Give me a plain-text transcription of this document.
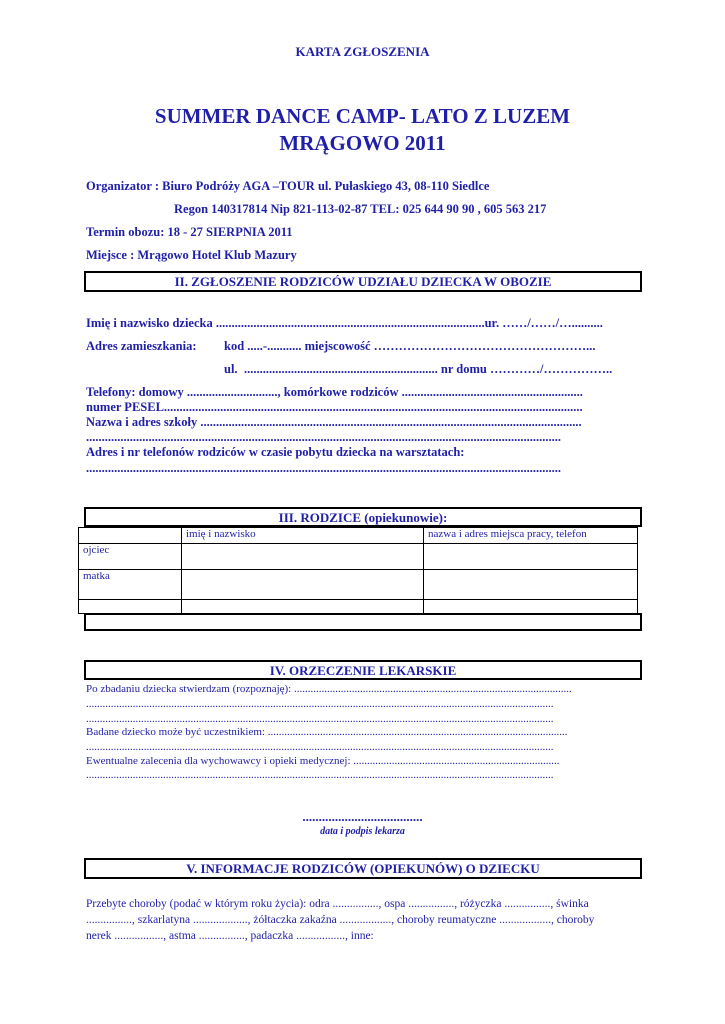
KARTA ZGŁOSZENIA
SUMMER DANCE CAMP- LATO Z LUZEM
MRĄGOWO 2011
Organizator : Biuro Podróży AGA –TOUR ul. Pułaskiego 43, 08-110 Siedlce
Regon 140317814 Nip 821-113-02-87 TEL: 025 644 90 90 , 605 563 217
Termin obozu: 18 - 27 SIERPNIA 2011
Miejsce : Mrągowo Hotel Klub Mazury
II. ZGŁOSZENIE RODZICÓW UDZIAŁU DZIECKA W OBOZIE
Imię i nazwisko dziecka ......................................................................................ur. ……/……/…..........
Adres zamieszkania: kod .....-........... miejscowość ……………………………………………...
ul. .............................................................. nr domu …………/……………..
Telefony: domowy ............................., komórkowe rodziców ..........................................................
numer PESEL......................................................................................................................................
Nazwa i adres szkoły ..........................................................................................................................
........................................................................................................................................................
Adres i nr telefonów rodziców w czasie pobytu dziecka na warsztatach:
........................................................................................................................................................
III. RODZICE (opiekunowie):
	imię i nazwisko	nazwa i adres miejsca pracy, telefon
ojciec		
matka		

IV. ORZECZENIE LEKARSKIE
Po zbadaniu dziecka stwierdzam (rozpoznaję): .....................................................................................................
..........................................................................................................................................................................
..........................................................................................................................................................................
Badane dziecko może być uczestnikiem: .............................................................................................................
..........................................................................................................................................................................
Ewentualne zalecenia dla wychowawcy i opieki medycznej: ...........................................................................
..........................................................................................................................................................................
.....................................
data i podpis lekarza
V. INFORMACJE RODZICÓW (OPIEKUNÓW) O DZIECKU
Przebyte choroby (podać w którym roku życia): odra ................, ospa ................, różyczka ................, świnka
................, szkarlatyna ..................., żółtaczka zakaźna .................., choroby reumatyczne .................., choroby
nerek ................., astma ................, padaczka ................., inne:
